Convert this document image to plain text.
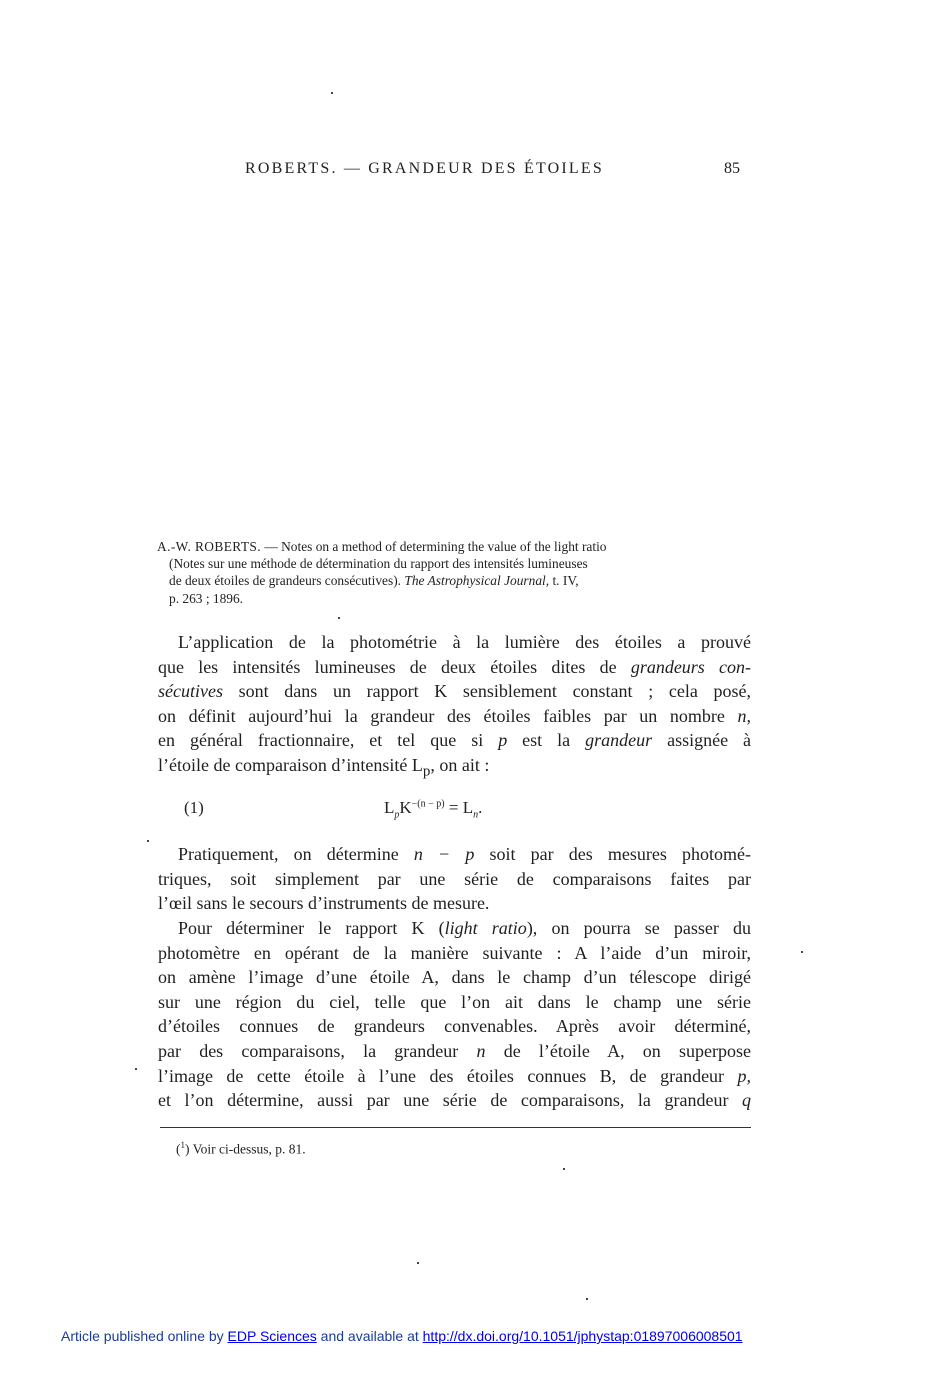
ROBERTS. — GRANDEUR DES ÉTOILES	85
A.-W. ROBERTS. — Notes on a method of determining the value of the light ratio
(Notes sur une méthode de détermination du rapport des intensités lumineuses
de deux étoiles de grandeurs consécutives). The Astrophysical Journal, t. IV,
p. 263 ; 1896.
L’application de la photométrie à la lumière des étoiles a prouvé
que les intensités lumineuses de deux étoiles dites de grandeurs con-
sécutives sont dans un rapport K sensiblement constant ; cela posé,
on définit aujourd’hui la grandeur des étoiles faibles par un nombre n,
en général fractionnaire, et tel que si p est la grandeur assignée à
l’étoile de comparaison d’intensité $L_p$, on ait :
(1)	$L_pK^{-(n - p)} = L_n$.
Pratiquement, on détermine n − p soit par des mesures photomé-
triques, soit simplement par une série de comparaisons faites par
l’œil sans le secours d’instruments de mesure.
Pour déterminer le rapport K (light ratio), on pourra se passer du
photomètre en opérant de la manière suivante : A l’aide d’un miroir,
on amène l’image d’une étoile A, dans le champ d’un télescope dirigé
sur une région du ciel, telle que l’on ait dans le champ une série
d’étoiles connues de grandeurs convenables. Après avoir déterminé,
par des comparaisons, la grandeur n de l’étoile A, on superpose
l’image de cette étoile à l’une des étoiles connues B, de grandeur p,
et l’on détermine, aussi par une série de comparaisons, la grandeur q
($^1$) Voir ci-dessus, p. 81.
Article published online by EDP Sciences and available at http://dx.doi.org/10.1051/jphystap:01897006008501
